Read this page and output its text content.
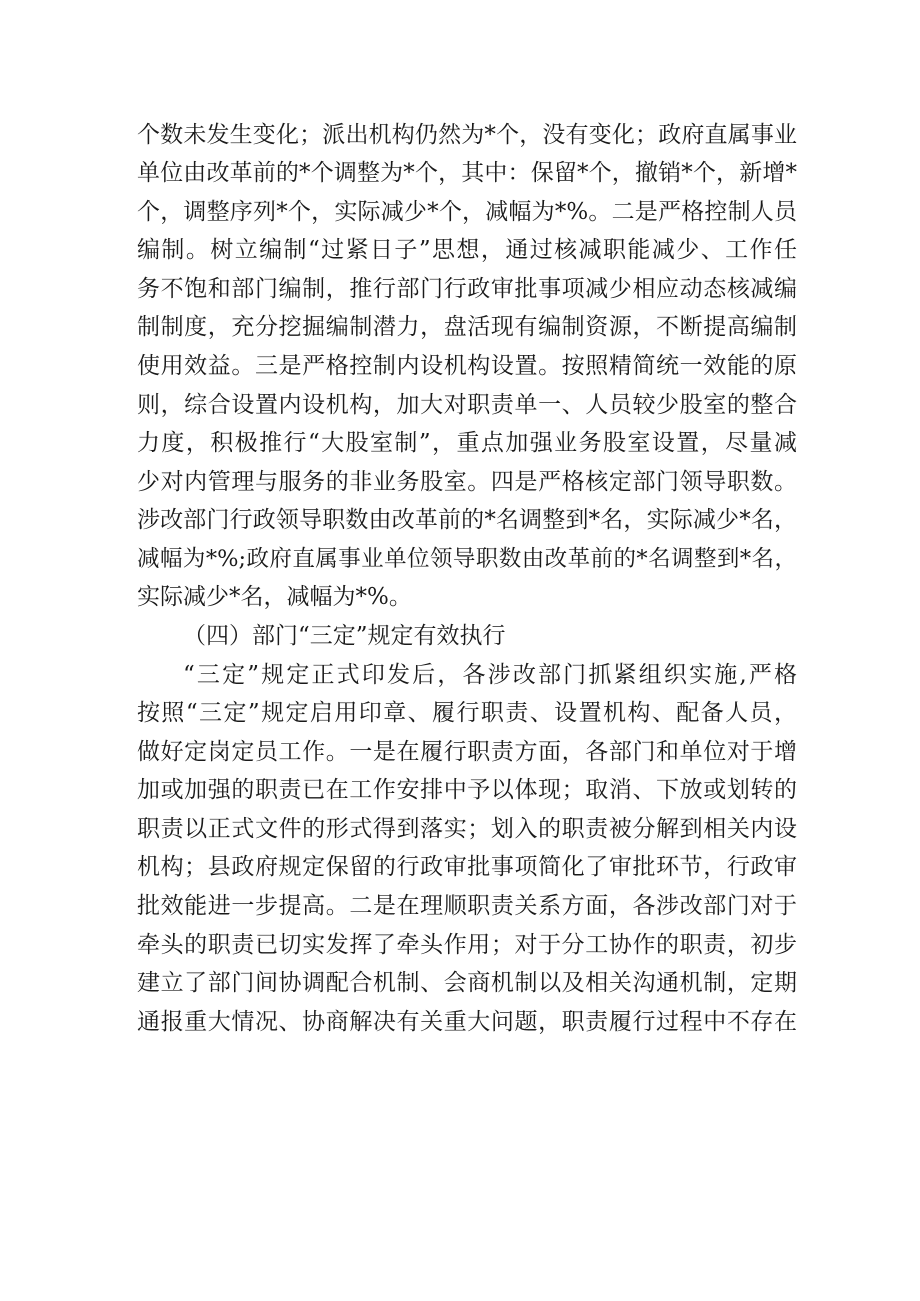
个数未发生变化；派出机构仍然为*个，没有变化；政府直属事业
单位由改革前的*个调整为*个，其中：保留*个，撤销*个，新增*
个，调整序列*个，实际减少*个，减幅为*%。二是严格控制人员
编制。树立编制“过紧日子”思想，通过核减职能减少、工作任
务不饱和部门编制，推行部门行政审批事项减少相应动态核减编
制制度，充分挖掘编制潜力，盘活现有编制资源，不断提高编制
使用效益。三是严格控制内设机构设置。按照精简统一效能的原
则，综合设置内设机构，加大对职责单一、人员较少股室的整合
力度，积极推行“大股室制”，重点加强业务股室设置，尽量减
少对内管理与服务的非业务股室。四是严格核定部门领导职数。
涉改部门行政领导职数由改革前的*名调整到*名，实际减少*名，
减幅为*%;政府直属事业单位领导职数由改革前的*名调整到*名，
实际减少*名，减幅为*%。
（四）部门“三定”规定有效执行
“三定”规定正式印发后，各涉改部门抓紧组织实施,严格
按照“三定”规定启用印章、履行职责、设置机构、配备人员，
做好定岗定员工作。一是在履行职责方面，各部门和单位对于增
加或加强的职责已在工作安排中予以体现；取消、下放或划转的
职责以正式文件的形式得到落实；划入的职责被分解到相关内设
机构；县政府规定保留的行政审批事项简化了审批环节，行政审
批效能进一步提高。二是在理顺职责关系方面，各涉改部门对于
牵头的职责已切实发挥了牵头作用；对于分工协作的职责，初步
建立了部门间协调配合机制、会商机制以及相关沟通机制，定期
通报重大情况、协商解决有关重大问题，职责履行过程中不存在
